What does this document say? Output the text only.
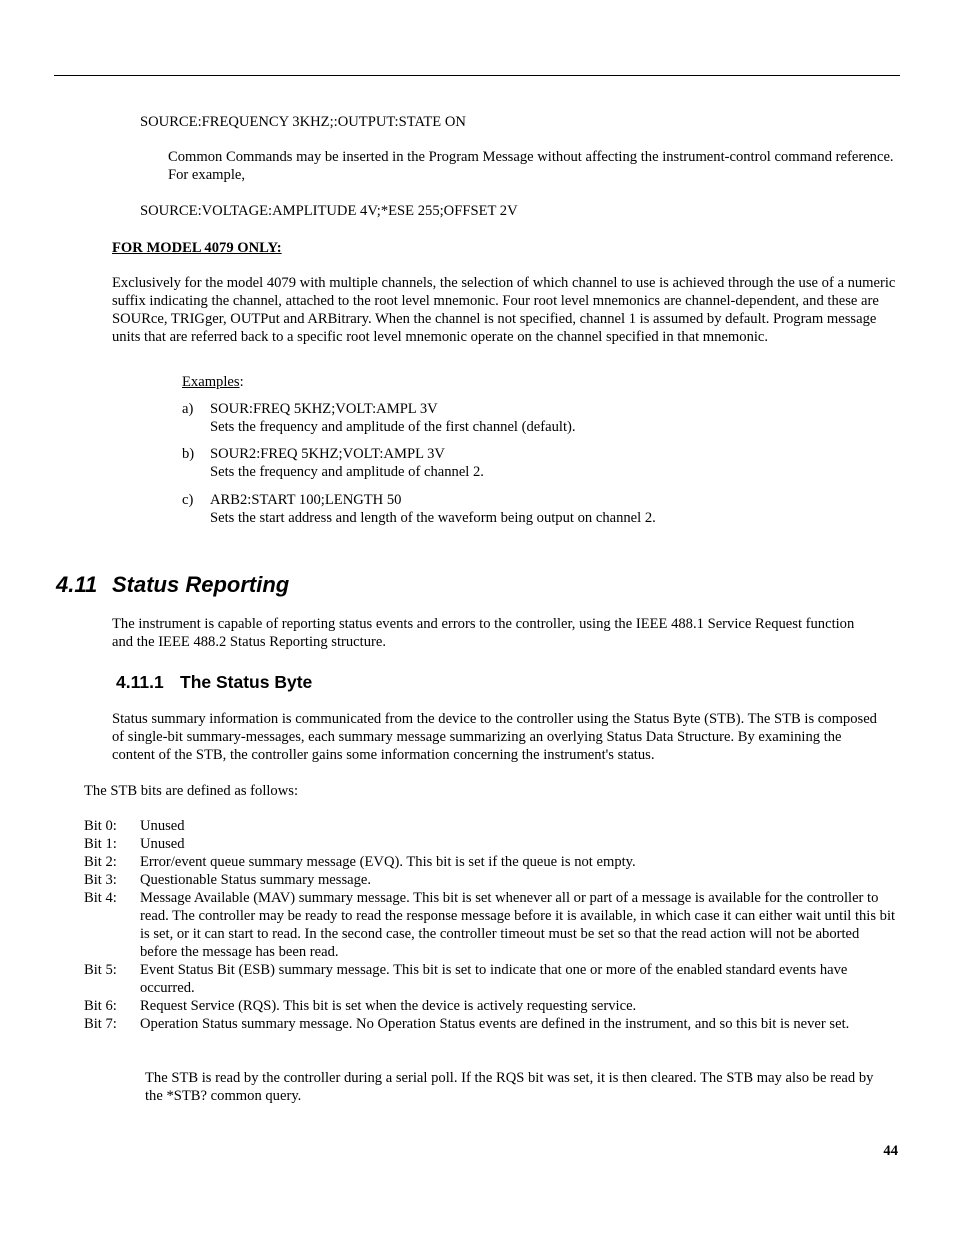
SOURCE:FREQUENCY 3KHZ;:OUTPUT:STATE ON

Common Commands may be inserted in the Program Message without affecting the instrument-control command reference. For example,

SOURCE:VOLTAGE:AMPLITUDE 4V;*ESE 255;OFFSET 2V

FOR MODEL 4079 ONLY:

Exclusively for the model 4079 with multiple channels, the selection of which channel to use is achieved through the use of a numeric suffix indicating the channel, attached to the root level mnemonic. Four root level mnemonics are channel-dependent, and these are SOURce, TRIGger, OUTPut and ARBitrary. When the channel is not specified, channel 1 is assumed by default. Program message units that are referred back to a specific root level mnemonic operate on the channel specified in that mnemonic.

Examples:

a) SOUR:FREQ 5KHZ;VOLT:AMPL 3V
Sets the frequency and amplitude of the first channel (default).
b) SOUR2:FREQ 5KHZ;VOLT:AMPL 3V
Sets the frequency and amplitude of channel 2.
c) ARB2:START 100;LENGTH 50
Sets the start address and length of the waveform being output on channel 2.
4.11 Status Reporting

The instrument is capable of reporting status events and errors to the controller, using the IEEE 488.1 Service Request function and the IEEE 488.2 Status Reporting structure.

4.11.1 The Status Byte

Status summary information is communicated from the device to the controller using the Status Byte (STB). The STB is composed of single-bit summary-messages, each summary message summarizing an overlying Status Data Structure. By examining the content of the STB, the controller gains some information concerning the instrument's status.

The STB bits are defined as follows:

Bit 0:	Unused
Bit 1:	Unused
Bit 2:	Error/event queue summary message (EVQ). This bit is set if the queue is not empty.
Bit 3:	Questionable Status summary message.
Bit 4:	Message Available (MAV) summary message. This bit is set whenever all or part of a message is available for the controller to read. The controller may be ready to read the response message before it is available, in which case it can either wait until this bit is set, or it can start to read. In the second case, the controller timeout must be set so that the read action will not be aborted before the message has been read.
Bit 5:	Event Status Bit (ESB) summary message. This bit is set to indicate that one or more of the enabled standard events have occurred.
Bit 6:	Request Service (RQS). This bit is set when the device is actively requesting service.
Bit 7:	Operation Status summary message. No Operation Status events are defined in the instrument, and so this bit is never set.

The STB is read by the controller during a serial poll. If the RQS bit was set, it is then cleared. The STB may also be read by the *STB? common query.

44
